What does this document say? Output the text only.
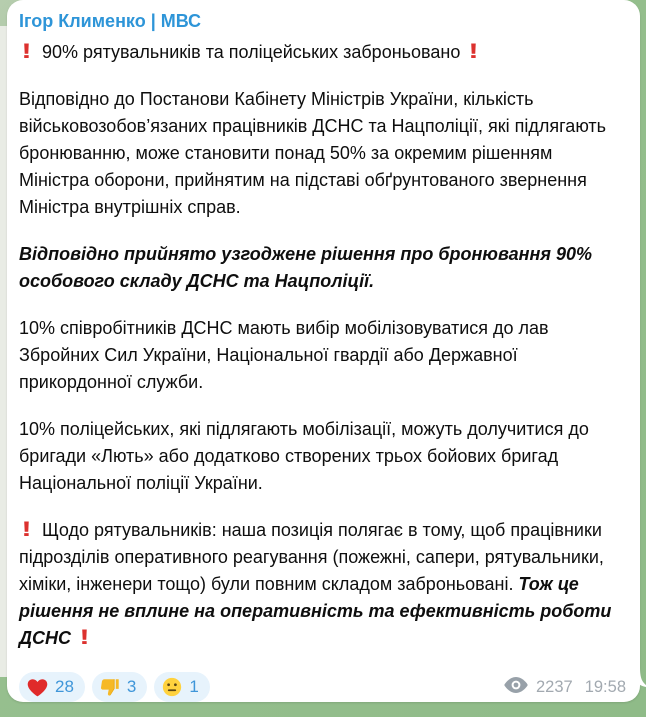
Ігор Клименко | МВС
! 90% рятувальників та поліцейських заброньовано !
Відповідно до Постанови Кабінету Міністрів України, кількість військовозобов’язаних працівників ДСНС та Нацполіції, які підлягають  бронюванню, може становити понад 50% за окремим рішенням Міністра оборони, прийнятим на підставі обґрунтованого звернення Міністра внутрішніх справ.
Відповідно прийнято узгоджене рішення про бронювання 90% особового складу ДСНС та Нацполіції.
10% співробітників ДСНС мають вибір мобілізовуватися до лав Збройних Сил України, Національної гвардії або Державної прикордонної служби.
10% поліцейських, які підлягають мобілізації, можуть долучитися до бригади «Лють» або додатково створених трьох бойових бригад Національної поліції України.
! Щодо рятувальників: наша позиція полягає в тому, щоб працівники підрозділів оперативного реагування (пожежні, сапери, рятувальники, хіміки, інженери тощо) були повним складом заброньовані. Тож це рішення не вплине на оперативність та ефективність роботи ДСНС !
28	3	1	2237 19:58
